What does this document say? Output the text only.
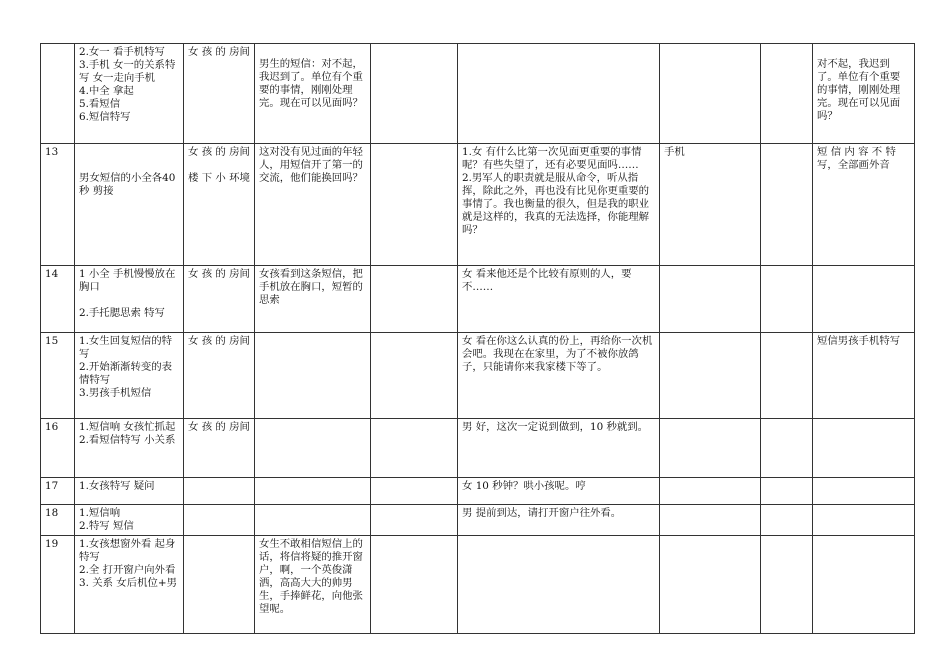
	2.女一 看手机特写
3.手机 女一的关系特写 女一走向手机
4.中全 拿起
5.看短信
6.短信特写	女 孩 的 房间	男生的短信：对不起，我迟到了。单位有个重要的事情，刚刚处理完。现在可以见面吗？					对不起，我迟到了。单位有个重要的事情，刚刚处理完。现在可以见面吗？
13	男女短信的小全各40秒 剪接	女 孩 的 房间
楼 下 小 环境	这对没有见过面的年轻人，用短信开了第一的交流，他们能换回吗？		1.女 有什么比第一次见面更重要的事情呢？有些失望了，还有必要见面吗……
2.男军人的职责就是服从命令，听从指挥，除此之外，再也没有比见你更重要的事情了。我也衡量的很久，但是我的职业就是这样的，我真的无法选择，你能理解吗？	手机		短 信 内 容 不 特写，全部画外音
14	1 小全 手机慢慢放在胸口
2.手托腮思索 特写	女 孩 的 房间	女孩看到这条短信，把手机放在胸口，短暂的思索		女 看来他还是个比较有原则的人，要不……			
15	1.女生回复短信的特写
2.开始渐渐转变的表情特写
3.男孩手机短信	女 孩 的 房间			女 看在你这么认真的份上，再给你一次机会吧。我现在在家里，为了不被你放鸽子，只能请你来我家楼下等了。			短信男孩手机特写
16	1.短信响 女孩忙抓起
2.看短信特写 小关系	女 孩 的 房间			男 好，这次一定说到做到，10 秒就到。			
17	1.女孩特写 疑问				女 10 秒钟？哄小孩呢。哼			
18	1.短信响
2.特写 短信				男 提前到达，请打开窗户往外看。			
19	1.女孩想窗外看 起身 特写
2.全 打开窗户向外看
3. 关系 女后机位+男		女生不敢相信短信上的话，将信将疑的推开窗户，啊，一个英俊潇洒，高高大大的帅男生，手捧鲜花，向他张望呢。					
